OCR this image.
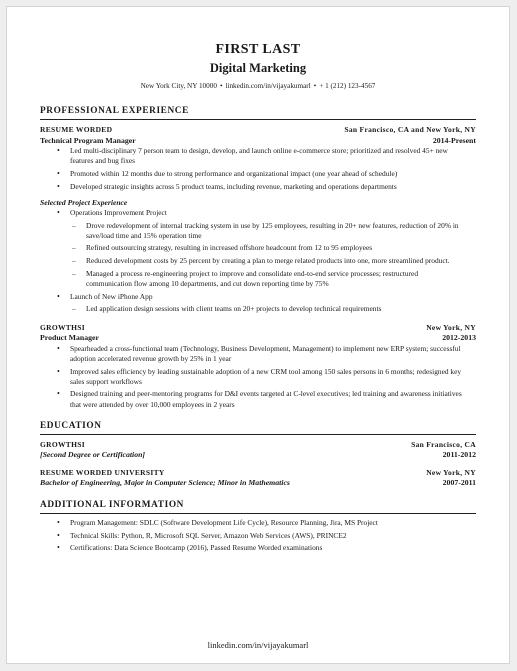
FIRST LAST
Digital Marketing
New York City, NY 10000 • linkedin.com/in/vijayakumarl • + 1 (212) 123-4567
PROFESSIONAL EXPERIENCE
RESUME WORDED	San Francisco, CA and New York, NY
Technical Program Manager	2014-Present
• Led multi-disciplinary 7 person team to design, develop, and launch online e-commerce store; prioritized and resolved 45+ new features and bug fixes
• Promoted within 12 months due to strong performance and organizational impact (one year ahead of schedule)
• Developed strategic insights across 5 product teams, including revenue, marketing and operations departments
Selected Project Experience
• Operations Improvement Project
– Drove redevelopment of internal tracking system in use by 125 employees, resulting in 20+ new features, reduction of 20% in save/load time and 15% operation time
– Refined outsourcing strategy, resulting in increased offshore headcount from 12 to 95 employees
– Reduced development costs by 25 percent by creating a plan to merge related products into one, more streamlined product.
– Managed a process re-engineering project to improve and consolidate end-to-end service processes; restructured communication flow among 10 departments, and cut down reporting time by 75%
• Launch of New iPhone App
– Led application design sessions with client teams on 20+ projects to develop technical requirements
GROWTHSI	New York, NY
Product Manager	2012-2013
• Spearheaded a cross-functional team (Technology, Business Development, Management) to implement new ERP system; successful adoption accelerated revenue growth by 25% in 1 year
• Improved sales efficiency by leading sustainable adoption of a new CRM tool among 150 sales persons in 6 months; redesigned key sales support workflows
• Designed training and peer-mentoring programs for D&I events targeted at C-level executives; led training and awareness initiatives that were attended by over 10,000 employees in 2 years
EDUCATION
GROWTHSI	San Francisco, CA
[Second Degree or Certification]	2011-2012
RESUME WORDED UNIVERSITY	New York, NY
Bachelor of Engineering, Major in Computer Science; Minor in Mathematics	2007-2011
ADDITIONAL INFORMATION
• Program Management: SDLC (Software Development Life Cycle), Resource Planning, Jira, MS Project
• Technical Skills: Python, R, Microsoft SQL Server, Amazon Web Services (AWS), PRINCE2
• Certifications: Data Science Bootcamp (2016), Passed Resume Worded examinations
linkedin.com/in/vijayakumarl
